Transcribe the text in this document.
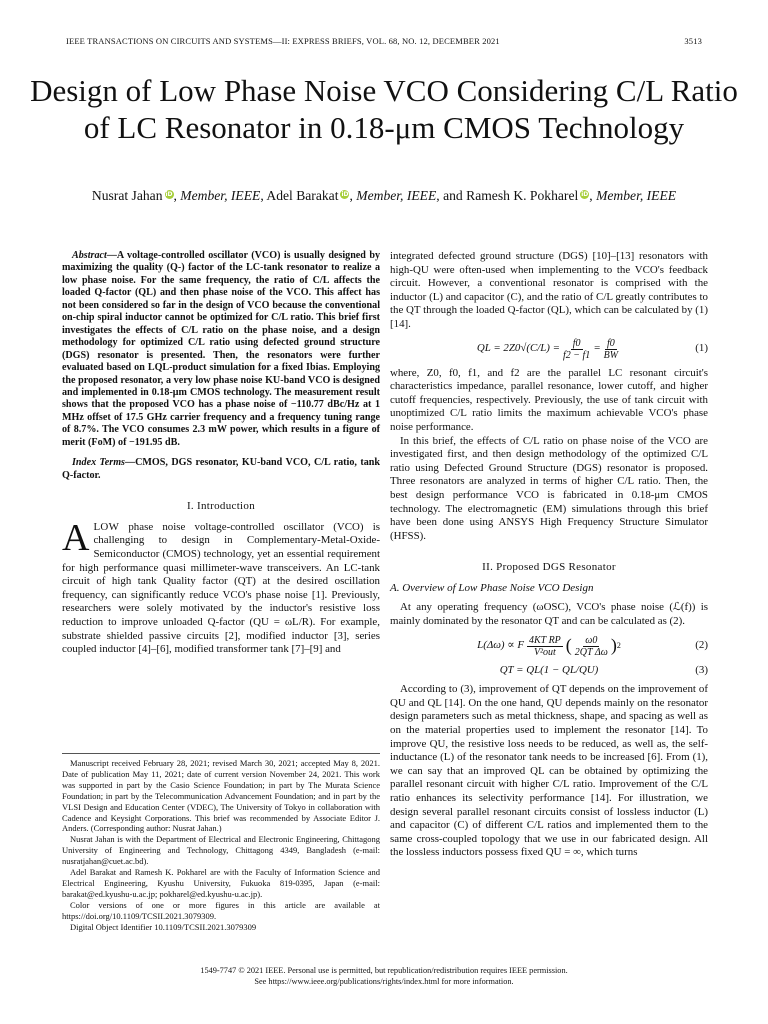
IEEE TRANSACTIONS ON CIRCUITS AND SYSTEMS—II: EXPRESS BRIEFS, VOL. 68, NO. 12, DECEMBER 2021	3513
Design of Low Phase Noise VCO Considering C/L Ratio of LC Resonator in 0.18-μm CMOS Technology
Nusrat Jahan iD, Member, IEEE, Adel Barakat iD, Member, IEEE, and Ramesh K. Pokharel iD, Member, IEEE

Abstract—A voltage-controlled oscillator (VCO) is usually designed by maximizing the quality (Q-) factor of the LC-tank resonator to realize a low phase noise. For the same frequency, the ratio of C/L affects the loaded Q-factor (QL) and then phase noise of the VCO. This affect has not been considered so far in the design of VCO because the conventional on-chip spiral inductor cannot be optimized for C/L ratio. This brief first investigates the effects of C/L ratio on the phase noise, and a design methodology for optimized C/L ratio using defected ground structure (DGS) resonator is presented. Then, the resonators were further evaluated based on LQL-product simulation for a fixed Ibias. Employing the proposed resonator, a very low phase noise KU-band VCO is designed and implemented in 0.18-μm CMOS technology. The measurement result shows that the proposed VCO has a phase noise of −110.77 dBc/Hz at 1 MHz offset of 17.5 GHz carrier frequency and a frequency tuning range of 8.7%. The VCO consumes 2.3 mW power, which results in a figure of merit (FoM) of −191.95 dB.

Index Terms—CMOS, DGS resonator, KU-band VCO, C/L ratio, tank Q-factor.

I. Introduction

ALOW phase noise voltage-controlled oscillator (VCO) is challenging to design in Complementary-Metal-Oxide-Semiconductor (CMOS) technology, yet an essential requirement for high performance quasi millimeter-wave transceivers. An LC-tank circuit of high tank Quality factor (QT) at the desired oscillation frequency, can significantly reduce VCO's phase noise [1]. Previously, researchers were solely motivated by the inductor's resistive loss reduction to improve unloaded Q-factor (QU = ωL/R). For example, substrate shielded passive circuits [2], modified inductor [3], series coupled inductor [4]–[6], modified transformer tank [7]–[9] and

Manuscript received February 28, 2021; revised March 30, 2021; accepted May 8, 2021. Date of publication May 11, 2021; date of current version November 24, 2021. This work was supported in part by the Casio Science Foundation; in part by The Murata Science Foundation; in part by the Telecommunication Advancement Foundation; and in part by the VLSI Design and Education Center (VDEC), The University of Tokyo in collaboration with Cadence and Keysight Corporations. This brief was recommended by Associate Editor J. Anders. (Corresponding author: Nusrat Jahan.)

Nusrat Jahan is with the Department of Electrical and Electronic Engineering, Chittagong University of Engineering and Technology, Chittagong 4349, Bangladesh (e-mail: nusratjahan@cuet.ac.bd).

Adel Barakat and Ramesh K. Pokharel are with the Faculty of Information Science and Electrical Engineering, Kyushu University, Fukuoka 819-0395, Japan (e-mail: barakat@ed.kyushu-u.ac.jp; pokharel@ed.kyushu-u.ac.jp).

Color versions of one or more figures in this article are available at https://doi.org/10.1109/TCSII.2021.3079309.

Digital Object Identifier 10.1109/TCSII.2021.3079309

integrated defected ground structure (DGS) [10]–[13] resonators with high-QU were often-used when implementing to the VCO's feedback circuit. However, a conventional resonator is comprised with the inductor (L) and capacitor (C), and the ratio of C/L greatly contributes to the QT through the loaded Q-factor (QL), which can be calculated by (1) [14].

QL = $2Z0√(C/L) = \frac{f0}{f2 - f1} = \frac{f0}{BW}$	(1)

where, Z0, f0, f1, and f2 are the parallel LC resonant circuit's characteristics impedance, parallel resonance, lower cutoff, and higher cutoff frequencies, respectively. Previously, the use of tank circuit with unoptimized C/L ratio limits the maximum achievable VCO's phase noise performance.

In this brief, the effects of C/L ratio on phase noise of the VCO are investigated first, and then design methodology of the optimized C/L ratio using Defected Ground Structure (DGS) resonator is proposed. Three resonators are analyzed in terms of higher C/L ratio. Then, the best design performance VCO is fabricated in 0.18-μm CMOS technology. The electromagnetic (EM) simulations through this brief have been done using ANSYS High Frequency Structure Simulator (HFSS).

II. Proposed DGS Resonator
A. Overview of Low Phase Noise VCO Design

At any operating frequency (ωOSC), VCO's phase noise (ℒ(f)) is mainly dominated by the resonator QT and can be calculated as (2).

L(Δω) ∝ F $\frac{\text{4KT RP}}{\text{V²out}}$ ( $\frac{\omega 0}{\text{2QT Δω}}$ ) 2	(2)
QT = QL(1 − QL/QU)	(3)

According to (3), improvement of QT depends on the improvement of QU and QL [14]. On the one hand, QU depends mainly on the resonator design parameters such as metal thickness, shape, and spacing as well as on the material properties used to implement the resonator [14]. To improve QU, the resistive loss needs to be reduced, as well as, the self-inductance (L) of the resonator tank needs to be increased [6]. From (1), we can say that an improved QL can be obtained by optimizing the parallel resonant circuit with higher C/L ratio. Improvement of the C/L ratio enhances its selectivity performance [14]. For illustration, we design several parallel resonant circuits consist of lossless inductor (L) and capacitor (C) of different C/L ratios and implemented them to the same cross-coupled topology that we use in our fabricated design. All the lossless inductors possess fixed QU = ∞, which turns

1549-7747 © 2021 IEEE. Personal use is permitted, but republication/redistribution requires IEEE permission.
See https://www.ieee.org/publications/rights/index.html for more information.
